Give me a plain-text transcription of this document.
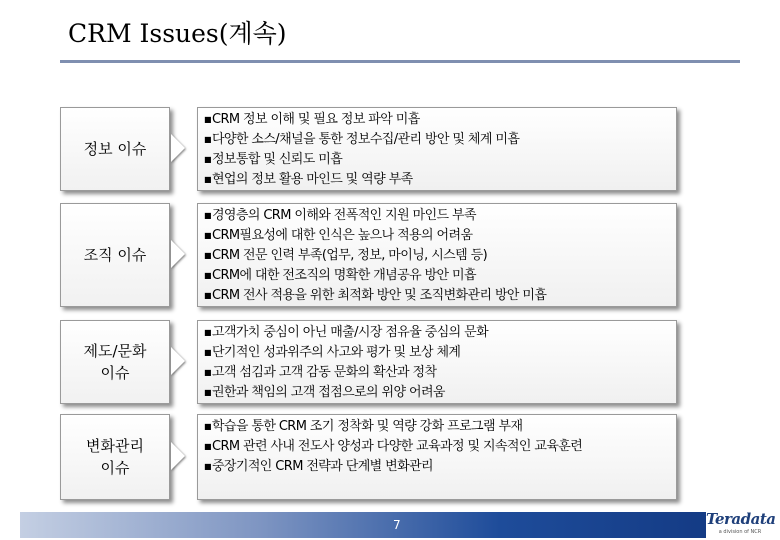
CRM Issues(계속)
정보 이슈
■CRM 정보 이해 및 필요 정보 파악 미흡
■다양한 소스/채널을 통한 정보수집/관리 방안 및 체계 미흡
■정보통합 및 신뢰도 미흡
■현업의 정보 활용 마인드 및 역량 부족
조직 이슈
■경영층의 CRM 이해와 전폭적인 지원 마인드 부족
■CRM필요성에 대한 인식은 높으나 적용의 어려움
■CRM 전문 인력 부족(업무, 정보, 마이닝, 시스템 등)
■CRM에 대한 전조직의 명확한 개념공유 방안 미흡
■CRM 전사 적용을 위한 최적화 방안 및 조직변화관리 방안 미흡
제도/문화
이슈
■고객가치 중심이 아닌 매출/시장 점유율 중심의 문화
■단기적인 성과위주의 사고와 평가 및 보상 체계
■고객 섬김과 고객 감동 문화의 확산과 정착
■권한과 책임의 고객 접점으로의 위양 어려움
변화관리
이슈
■학습을 통한 CRM 조기 정착화 및 역량 강화 프로그램 부재
■CRM 관련 사내 전도사 양성과 다양한 교육과정 및 지속적인 교육훈련
■중장기적인 CRM 전략과 단계별 변화관리
7	Teradata
a division of NCR
